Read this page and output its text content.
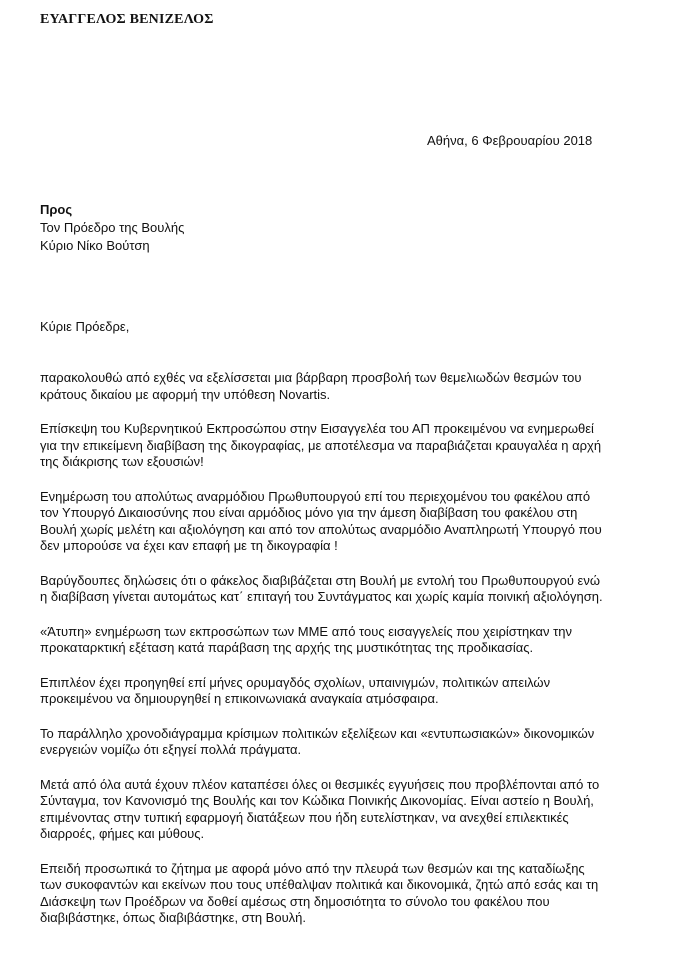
ΕΥΑΓΓΕΛΟΣ ΒΕΝΙΖΕΛΟΣ
Αθήνα, 6 Φεβρουαρίου 2018
Προς
Τον Πρόεδρο της Βουλής
Κύριο Νίκο Βούτση
Κύριε Πρόεδρε,

παρακολουθώ από εχθές να εξελίσσεται μια βάρβαρη προσβολή των θεμελιωδών θεσμών του
κράτους δικαίου με αφορμή την υπόθεση Novartis.

Επίσκεψη του Κυβερνητικού Εκπροσώπου στην Εισαγγελέα του ΑΠ προκειμένου να ενημερωθεί
για την επικείμενη διαβίβαση της δικογραφίας, με αποτέλεσμα να παραβιάζεται κραυγαλέα η αρχή
της διάκρισης των εξουσιών!

Ενημέρωση του απολύτως αναρμόδιου Πρωθυπουργού επί του περιεχομένου του φακέλου από
τον Υπουργό Δικαιοσύνης που είναι αρμόδιος μόνο για την άμεση διαβίβαση του φακέλου στη
Βουλή χωρίς μελέτη και αξιολόγηση και από τον απολύτως αναρμόδιο Αναπληρωτή Υπουργό που
δεν μπορούσε να έχει καν επαφή με τη δικογραφία !

Βαρύγδουπες δηλώσεις ότι ο φάκελος διαβιβάζεται στη Βουλή με εντολή του Πρωθυπουργού ενώ
η διαβίβαση γίνεται αυτομάτως κατ΄ επιταγή του Συντάγματος και χωρίς καμία ποινική αξιολόγηση.

«Άτυπη» ενημέρωση των εκπροσώπων των ΜΜΕ από τους εισαγγελείς που χειρίστηκαν την
προκαταρκτική εξέταση κατά παράβαση της αρχής της μυστικότητας της προδικασίας.

Επιπλέον έχει προηγηθεί επί μήνες ορυμαγδός σχολίων, υπαινιγμών, πολιτικών απειλών
προκειμένου να δημιουργηθεί η επικοινωνιακά αναγκαία ατμόσφαιρα.

Το παράλληλο χρονοδιάγραμμα κρίσιμων πολιτικών εξελίξεων και «εντυπωσιακών» δικονομικών
ενεργειών νομίζω ότι εξηγεί πολλά πράγματα.

Μετά από όλα αυτά έχουν πλέον καταπέσει όλες οι θεσμικές εγγυήσεις που προβλέπονται από το
Σύνταγμα, τον Κανονισμό της Βουλής και τον Κώδικα Ποινικής Δικονομίας. Είναι αστείο η Βουλή,
επιμένοντας στην τυπική εφαρμογή διατάξεων που ήδη ευτελίστηκαν, να ανεχθεί επιλεκτικές
διαρροές, φήμες και μύθους.

Επειδή προσωπικά το ζήτημα με αφορά μόνο από την πλευρά των θεσμών και της καταδίωξης
των συκοφαντών και εκείνων που τους υπέθαλψαν πολιτικά και δικονομικά, ζητώ από εσάς και τη
Διάσκεψη των Προέδρων να δοθεί αμέσως στη δημοσιότητα το σύνολο του φακέλου που
διαβιβάστηκε, όπως διαβιβάστηκε, στη Βουλή.
